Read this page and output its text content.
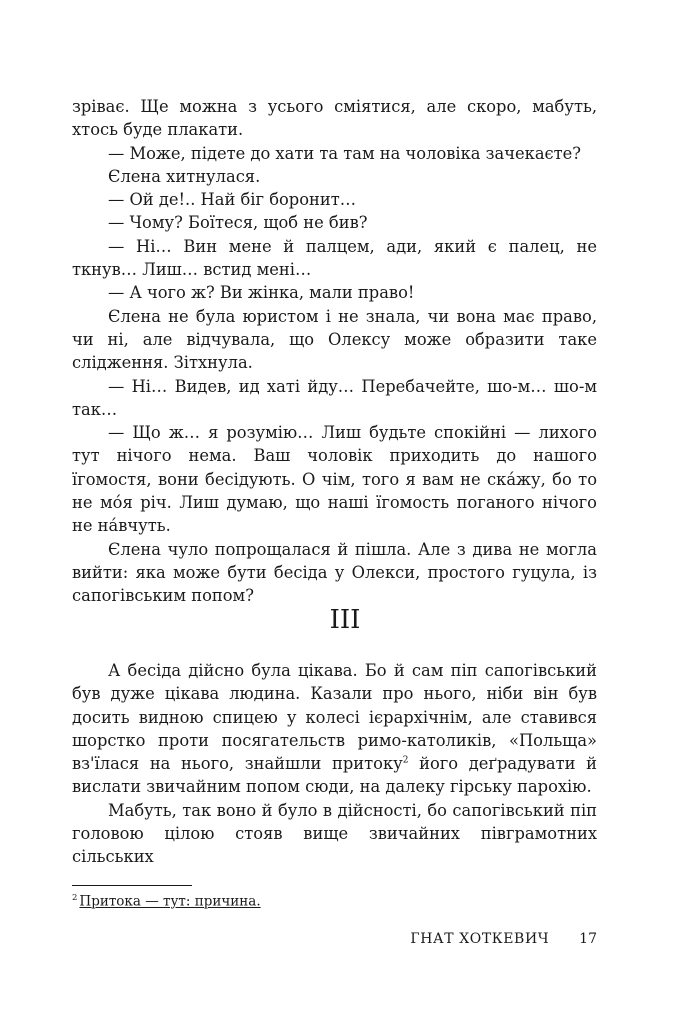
зріває. Ще можна з усього сміятися, але скоро, мабуть, хтось буде плакати.

— Може, підете до хати та там на чоловіка зачекаєте?

Єлена хитнулася.

— Ой де!.. Най біг боронит…

— Чому? Боїтеся, щоб не бив?

— Ні… Вин мене й палцем, ади, який є палец, не ткнув… Лиш… встид мені…

— А чого ж? Ви жінка, мали право!

Єлена не була юристом і не знала, чи вона має право, чи ні, але відчувала, що Олексу може образити таке слідження. Зітхнула.

— Ні… Видев, ид хаті йду… Перебачейте, шо-м… шо-м так…

— Що ж… я розумію… Лиш будьте спокійні — лихого тут нічого нема. Ваш чоловік приходить до нашого їгомостя, вони бесідують. О чім, того я вам не ска́жу, бо то не мо́я річ. Лиш думаю, що наші їгомость поганого нічого не на́вчуть.

Єлена чуло попрощалася й пішла. Але з дива не могла вийти: яка може бути бесіда у Олекси, простого гуцула, із сапогівським попом?

III

А бесіда дійсно була цікава. Бо й сам піп сапогівський був дуже цікава людина. Казали про нього, ніби він був досить видною спицею у колесі ієрархічнім, але ставився шорстко проти посягательств римо-католиків, «Польща» вз'їлася на нього, знайшли притоку$^2$ його деґрадувати й вислати звичайним попом сюди, на далеку гірську парохію.

Мабуть, так воно й було в дійсності, бо сапогівський піп головою цілою стояв вище звичайних півграмотних сільських

$^2$ Притока — тут: причина.
ГНАТ ХОТКЕВИЧ 17
